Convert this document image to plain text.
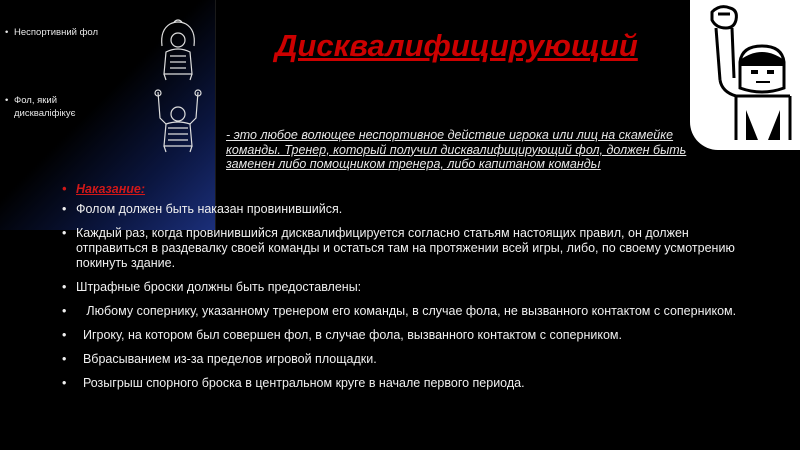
• Неспортивний фол
• Фол, який дискваліфікує
Дисквалифицирующий
- это любое волющее неспортивное действие игрока или лиц на скамейке команды. Тренер, который получил дисквалифицирующий фол, должен быть заменен либо помощником тренера, либо капитаном командьı
• Наказание:
• Фолом должен быть наказан провинившийся.
• Каждый раз, когда провинившийся дисквалифицируется согласно статьям настоящих правил, он должен отправиться в раздевалку своей команды и остаться там на протяжении всей игры, либо, по своему усмотрению покинуть здание.
• Штрафные броски должны быть предоставлены:
• Любому сопернику, указанному тренером его команды, в случае фола, не вызванного контактом с соперником.
• Игроку, на котором был совершен фол, в случае фола, вызванного контактом с соперником.
• Вбрасыванием из-за пределов игровой площадки.
• Розыгрыш спорного броска в центральном круге в начале первого периода.
